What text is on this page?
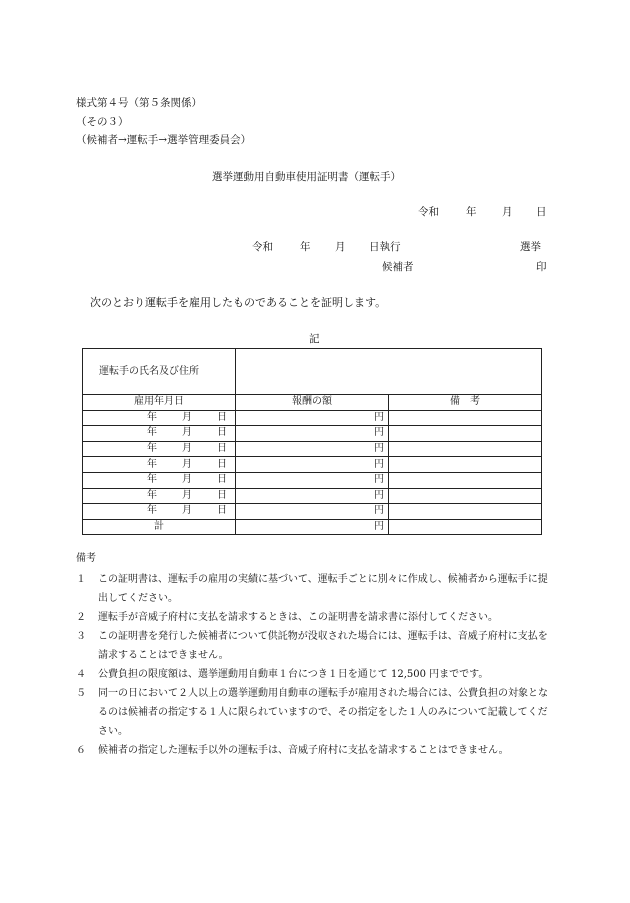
様式第４号（第５条関係）
（その３）
（候補者→運転手→選挙管理委員会）
選挙運動用自動車使用証明書（運転手）
令和	年 月 日
令和	年 月 日執行	選挙
候補者	印
次のとおり運転手を雇用したものであることを証明します。
記
運転手の氏名及び住所		
雇用年月日	報酬の額	備　考

年 月 日	円	

年 月 日	円	

年 月 日	円	

年 月 日	円	

年 月 日	円	

年 月 日	円	

年 月 日	円	
計	円	
備考
１	この証明書は、運転手の雇用の実績に基づいて、運転手ごとに別々に作成し、候補者から運転手に提出してください。
２	運転手が音威子府村に支払を請求するときは、この証明書を請求書に添付してください。
３	この証明書を発行した候補者について供託物が没収された場合には、運転手は、音威子府村に支払を請求することはできません。
４	公費負担の限度額は、選挙運動用自動車１台につき１日を通じて 12,500 円までです。
５	同一の日において２人以上の選挙運動用自動車の運転手が雇用された場合には、公費負担の対象となるのは候補者の指定する１人に限られていますので、その指定をした１人のみについて記載してください。
６	候補者の指定した運転手以外の運転手は、音威子府村に支払を請求することはできません。
